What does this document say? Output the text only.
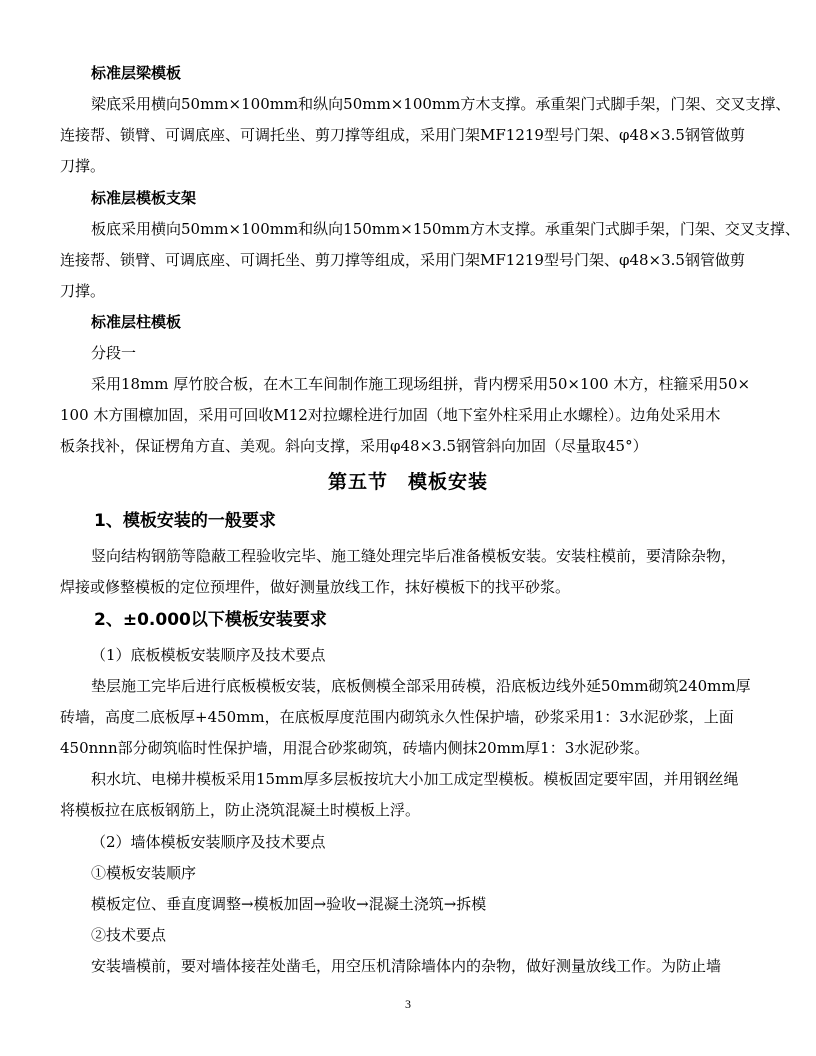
标准层梁模板
梁底采用横向50mm×100mm和纵向50mm×100mm方木支撑。承重架门式脚手架，门架、交叉支撑、
连接帮、锁臂、可调底座、可调托坐、剪刀撑等组成，采用门架MF1219型号门架、φ48×3.5钢管做剪
刀撑。
标准层模板支架
板底采用横向50mm×100mm和纵向150mm×150mm方木支撑。承重架门式脚手架，门架、交叉支撑、
连接帮、锁臂、可调底座、可调托坐、剪刀撑等组成，采用门架MF1219型号门架、φ48×3.5钢管做剪
刀撑。
标准层柱模板
分段一
采用18mm 厚竹胶合板，在木工车间制作施工现场组拼，背内楞采用50×100 木方，柱箍采用50×
100 木方围檩加固，采用可回收M12对拉螺栓进行加固（地下室外柱采用止水螺栓）。边角处采用木
板条找补，保证楞角方直、美观。斜向支撑，采用φ48×3.5钢管斜向加固（尽量取45°）
第五节　模板安装
1、模板安装的一般要求
竖向结构钢筋等隐蔽工程验收完毕、施工缝处理完毕后准备模板安装。安装柱模前，要清除杂物，
焊接或修整模板的定位预埋件，做好测量放线工作，抹好模板下的找平砂浆。
2、±0.000以下模板安装要求
（1）底板模板安装顺序及技术要点
垫层施工完毕后进行底板模板安装，底板侧模全部采用砖模，沿底板边线外延50mm砌筑240mm厚
砖墙，高度二底板厚+450mm，在底板厚度范围内砌筑永久性保护墙，砂浆采用1：3水泥砂浆，上面
450nnn部分砌筑临时性保护墙，用混合砂浆砌筑，砖墙内侧抹20mm厚1：3水泥砂浆。
积水坑、电梯井模板采用15mm厚多层板按坑大小加工成定型模板。模板固定要牢固，并用钢丝绳
将模板拉在底板钢筋上，防止浇筑混凝土时模板上浮。
（2）墙体模板安装顺序及技术要点
①模板安装顺序
模板定位、垂直度调整→模板加固→验收→混凝土浇筑→拆模
②技术要点
安装墙模前，要对墙体接茬处凿毛，用空压机清除墙体内的杂物，做好测量放线工作。为防止墙
3
